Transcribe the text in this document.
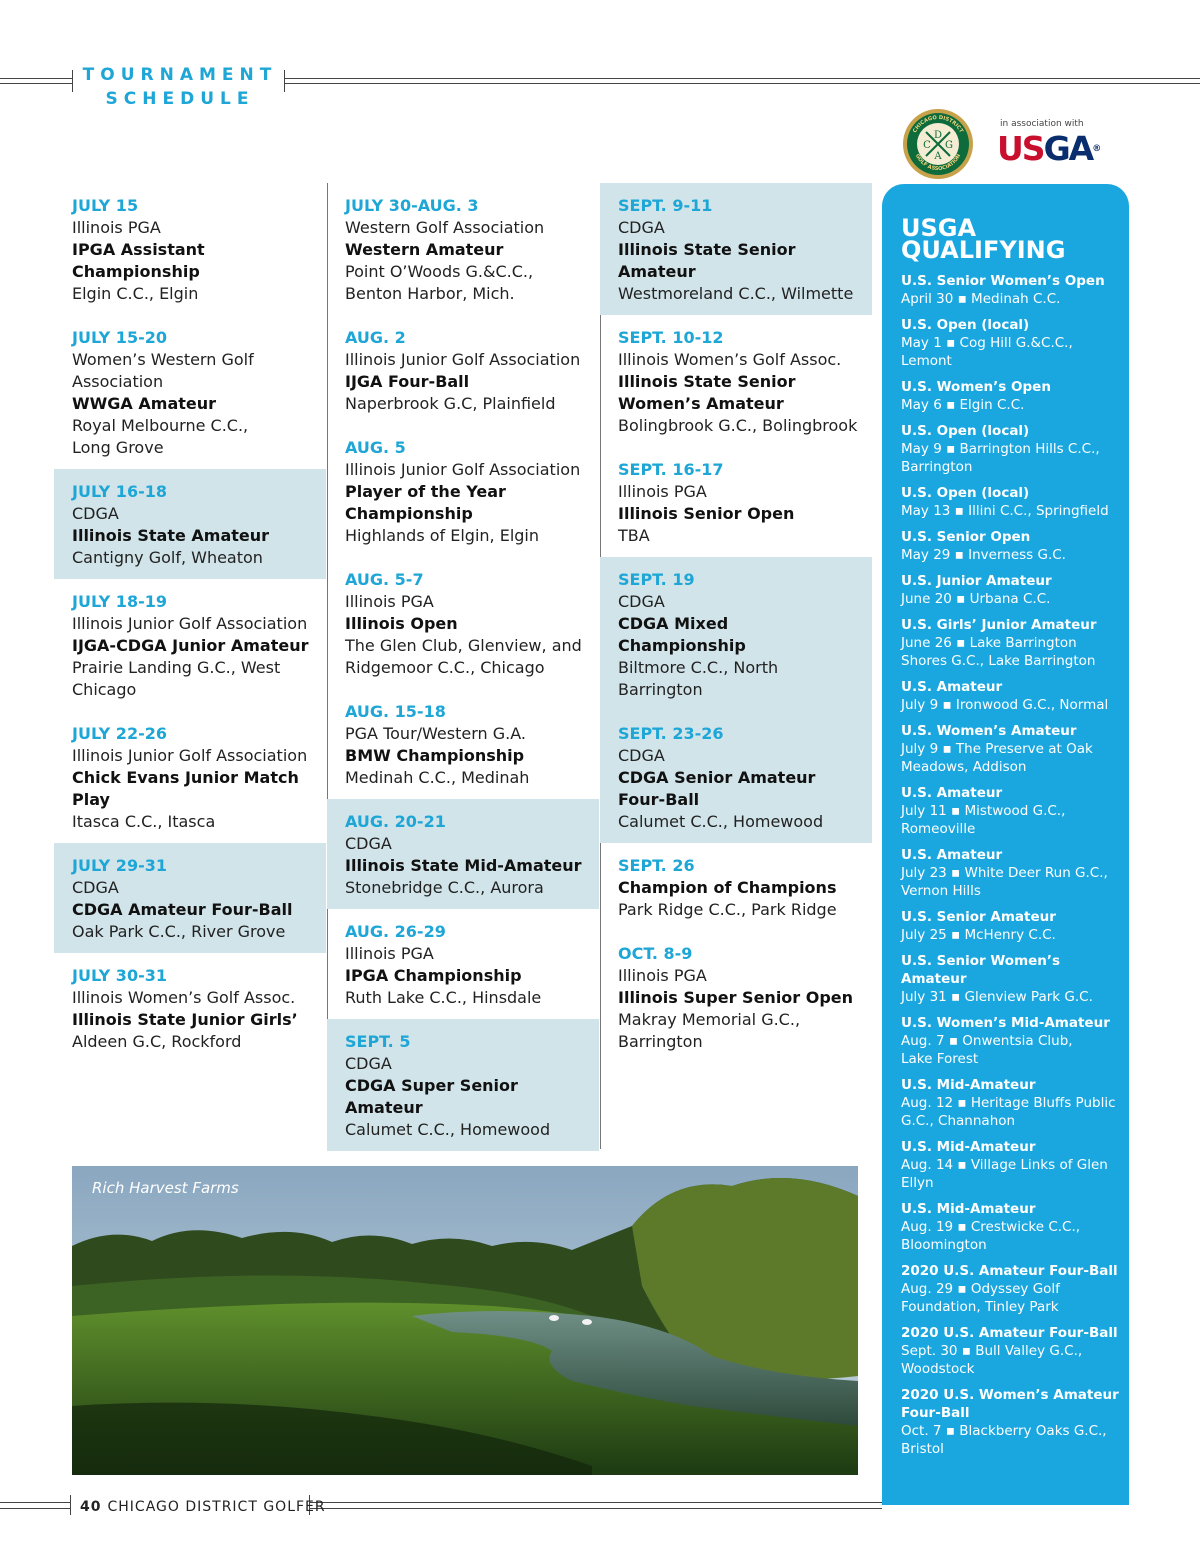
TOURNAMENT
SCHEDULE
CHICAGO DISTRICT
GOLF ASSOCIATION
D
C G
A
in association with
USGA®
JULY 15
Illinois PGA
IPGA Assistant
Championship
Elgin C.C., Elgin
JULY 15-20
Women’s Western Golf
Association
WWGA Amateur
Royal Melbourne C.C.,
Long Grove
JULY 16-18
CDGA
Illinois State Amateur
Cantigny Golf, Wheaton
JULY 18-19
Illinois Junior Golf Association
IJGA-CDGA Junior Amateur
Prairie Landing G.C., West
Chicago
JULY 22-26
Illinois Junior Golf Association
Chick Evans Junior Match
Play
Itasca C.C., Itasca
JULY 29-31
CDGA
CDGA Amateur Four-Ball
Oak Park C.C., River Grove
JULY 30-31
Illinois Women’s Golf Assoc.
Illinois State Junior Girls’
Aldeen G.C, Rockford
JULY 30-AUG. 3
Western Golf Association
Western Amateur
Point O’Woods G.&C.C.,
Benton Harbor, Mich.
AUG. 2
Illinois Junior Golf Association
IJGA Four-Ball
Naperbrook G.C, Plainfield
AUG. 5
Illinois Junior Golf Association
Player of the Year
Championship
Highlands of Elgin, Elgin
AUG. 5-7
Illinois PGA
Illinois Open
The Glen Club, Glenview, and
Ridgemoor C.C., Chicago
AUG. 15-18
PGA Tour/Western G.A.
BMW Championship
Medinah C.C., Medinah
AUG. 20-21
CDGA
Illinois State Mid-Amateur
Stonebridge C.C., Aurora
AUG. 26-29
Illinois PGA
IPGA Championship
Ruth Lake C.C., Hinsdale
SEPT. 5
CDGA
CDGA Super Senior Amateur
Calumet C.C., Homewood
SEPT. 9-11
CDGA
Illinois State Senior Amateur
Westmoreland C.C., Wilmette
SEPT. 10-12
Illinois Women’s Golf Assoc.
Illinois State Senior
Women’s Amateur
Bolingbrook G.C., Bolingbrook
SEPT. 16-17
Illinois PGA
Illinois Senior Open
TBA
SEPT. 19
CDGA
CDGA Mixed Championship
Biltmore C.C., North
Barrington
SEPT. 23-26
CDGA
CDGA Senior Amateur
Four-Ball
Calumet C.C., Homewood
SEPT. 26
Champion of Champions
Park Ridge C.C., Park Ridge
OCT. 8-9
Illinois PGA
Illinois Super Senior Open
Makray Memorial G.C.,
Barrington
USGA
QUALIFYING
U.S. Senior Women’s Open
April 30 ▪ Medinah C.C.
U.S. Open (local)
May 1 ▪ Cog Hill G.&C.C., Lemont
U.S. Women’s Open
May 6 ▪ Elgin C.C.
U.S. Open (local)
May 9 ▪ Barrington Hills C.C.,
Barrington
U.S. Open (local)
May 13 ▪ Illini C.C., Springfield
U.S. Senior Open
May 29 ▪ Inverness G.C.
U.S. Junior Amateur
June 20 ▪ Urbana C.C.
U.S. Girls’ Junior Amateur
June 26 ▪ Lake Barrington
Shores G.C., Lake Barrington
U.S. Amateur
July 9 ▪ Ironwood G.C., Normal
U.S. Women’s Amateur
July 9 ▪ The Preserve at Oak
Meadows, Addison
U.S. Amateur
July 11 ▪ Mistwood G.C.,
Romeoville
U.S. Amateur
July 23 ▪ White Deer Run G.C.,
Vernon Hills
U.S. Senior Amateur
July 25 ▪ McHenry C.C.
U.S. Senior Women’s Amateur
July 31 ▪ Glenview Park G.C.
U.S. Women’s Mid-Amateur
Aug. 7 ▪ Onwentsia Club,
Lake Forest
U.S. Mid-Amateur
Aug. 12 ▪ Heritage Bluffs Public
G.C., Channahon
U.S. Mid-Amateur
Aug. 14 ▪ Village Links of Glen
Ellyn
U.S. Mid-Amateur
Aug. 19 ▪ Crestwicke C.C.,
Bloomington
2020 U.S. Amateur Four-Ball
Aug. 29 ▪ Odyssey Golf
Foundation, Tinley Park
2020 U.S. Amateur Four-Ball
Sept. 30 ▪ Bull Valley G.C.,
Woodstock
2020 U.S. Women’s Amateur
Four-Ball
Oct. 7 ▪ Blackberry Oaks G.C.,
Bristol
Rich Harvest Farms
40 CHICAGO DISTRICT GOLFER
